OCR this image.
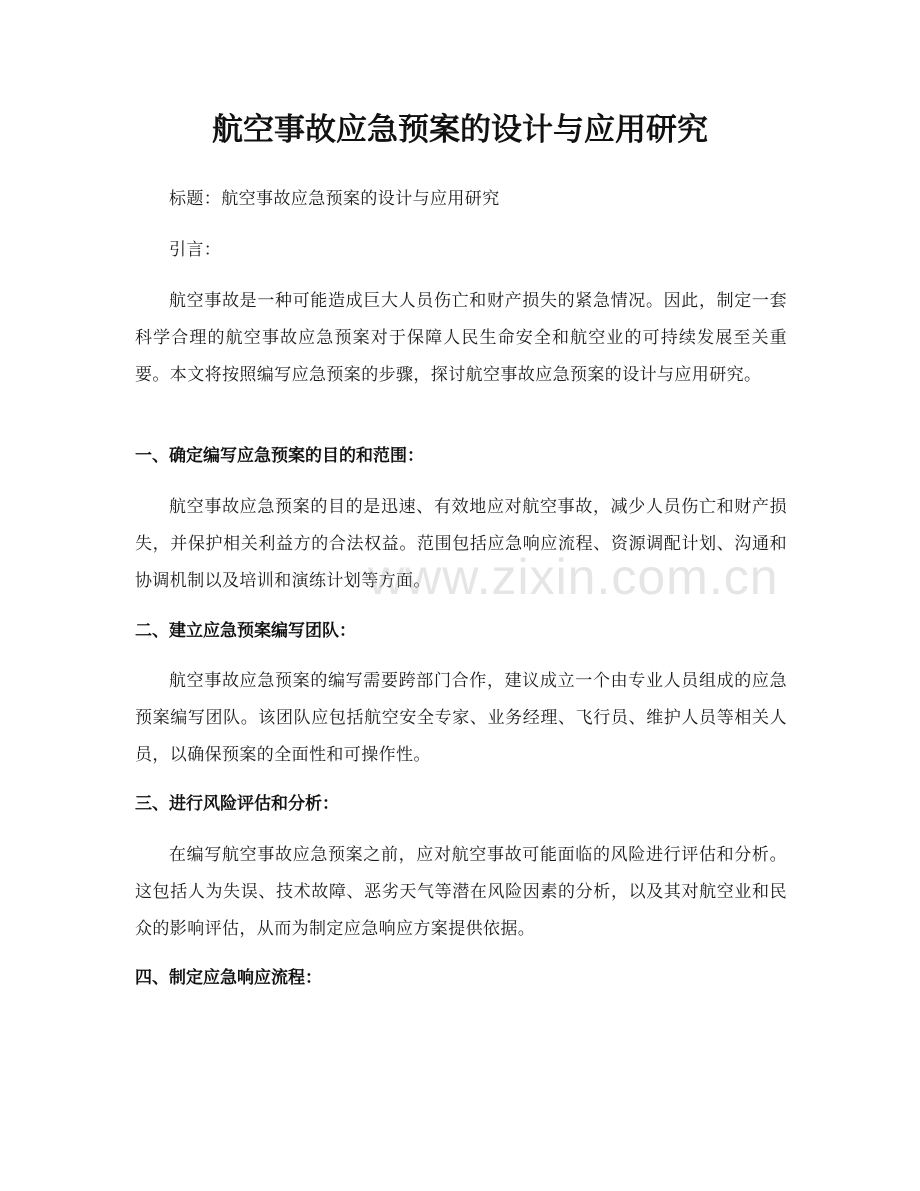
航空事故应急预案的设计与应用研究

标题：航空事故应急预案的设计与应用研究

引言：

航空事故是一种可能造成巨大人员伤亡和财产损失的紧急情况。因此，制定一套科学合理的航空事故应急预案对于保障人民生命安全和航空业的可持续发展至关重要。本文将按照编写应急预案的步骤，探讨航空事故应急预案的设计与应用研究。

一、确定编写应急预案的目的和范围：

航空事故应急预案的目的是迅速、有效地应对航空事故，减少人员伤亡和财产损失，并保护相关利益方的合法权益。范围包括应急响应流程、资源调配计划、沟通和协调机制以及培训和演练计划等方面。

二、建立应急预案编写团队：

航空事故应急预案的编写需要跨部门合作，建议成立一个由专业人员组成的应急预案编写团队。该团队应包括航空安全专家、业务经理、飞行员、维护人员等相关人员，以确保预案的全面性和可操作性。

三、进行风险评估和分析：

在编写航空事故应急预案之前，应对航空事故可能面临的风险进行评估和分析。这包括人为失误、技术故障、恶劣天气等潜在风险因素的分析，以及其对航空业和民众的影响评估，从而为制定应急响应方案提供依据。

四、制定应急响应流程：
www.zixin.com.cn
